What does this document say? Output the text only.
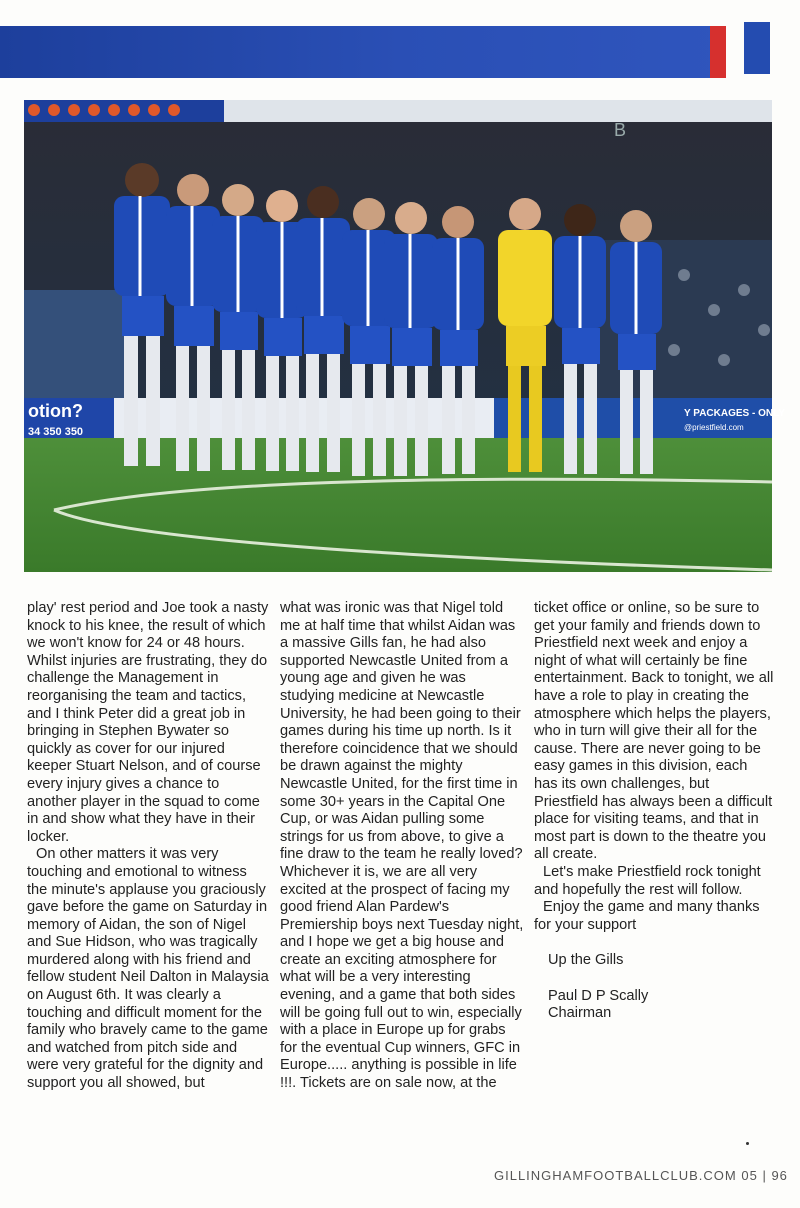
B
otion?
34 350 350
Y PACKAGES - ONLY
@priestfield.com

play' rest period and Joe took a nasty knock to his knee, the result of which we won't know for 24 or 48 hours. Whilst injuries are frustrating, they do challenge the Management in reorganising the team and tactics, and I think Peter did a great job in bringing in Stephen Bywater so quickly as cover for our injured keeper Stuart Nelson, and of course every injury gives a chance to another player in the squad to come in and show what they have in their locker.

On other matters it was very touching and emotional to witness the minute's applause you graciously gave before the game on Saturday in memory of Aidan, the son of Nigel and Sue Hidson, who was tragically murdered along with his friend and fellow student Neil Dalton in Malaysia on August 6th. It was clearly a touching and difficult moment for the family who bravely came to the game and watched from pitch side and were very grateful for the dignity and support you all showed, but

what was ironic was that Nigel told me at half time that whilst Aidan was a massive Gills fan, he had also supported Newcastle United from a young age and given he was studying medicine at Newcastle University, he had been going to their games during his time up north. Is it therefore coincidence that we should be drawn against the mighty Newcastle United, for the first time in some 30+ years in the Capital One Cup, or was Aidan pulling some strings for us from above, to give a fine draw to the team he really loved? Whichever it is, we are all very excited at the prospect of facing my good friend Alan Pardew's Premiership boys next Tuesday night, and I hope we get a big house and create an exciting atmosphere for what will be a very interesting evening, and a game that both sides will be going full out to win, especially with a place in Europe up for grabs for the eventual Cup winners, GFC in Europe..... anything is possible in life !!!. Tickets are on sale now, at the

ticket office or online, so be sure to get your family and friends down to Priestfield next week and enjoy a night of what will certainly be fine entertainment. Back to tonight, we all have a role to play in creating the atmosphere which helps the players, who in turn will give their all for the cause. There are never going to be easy games in this division, each has its own challenges, but Priestfield has always been a difficult place for visiting teams, and that in most part is down to the theatre you all create.

Let's make Priestfield rock tonight and hopefully the rest will follow.

Enjoy the game and many thanks for your support

Up the Gills

Paul D P Scally

Chairman

GILLINGHAMFOOTBALLCLUB.COM 05 | 96
